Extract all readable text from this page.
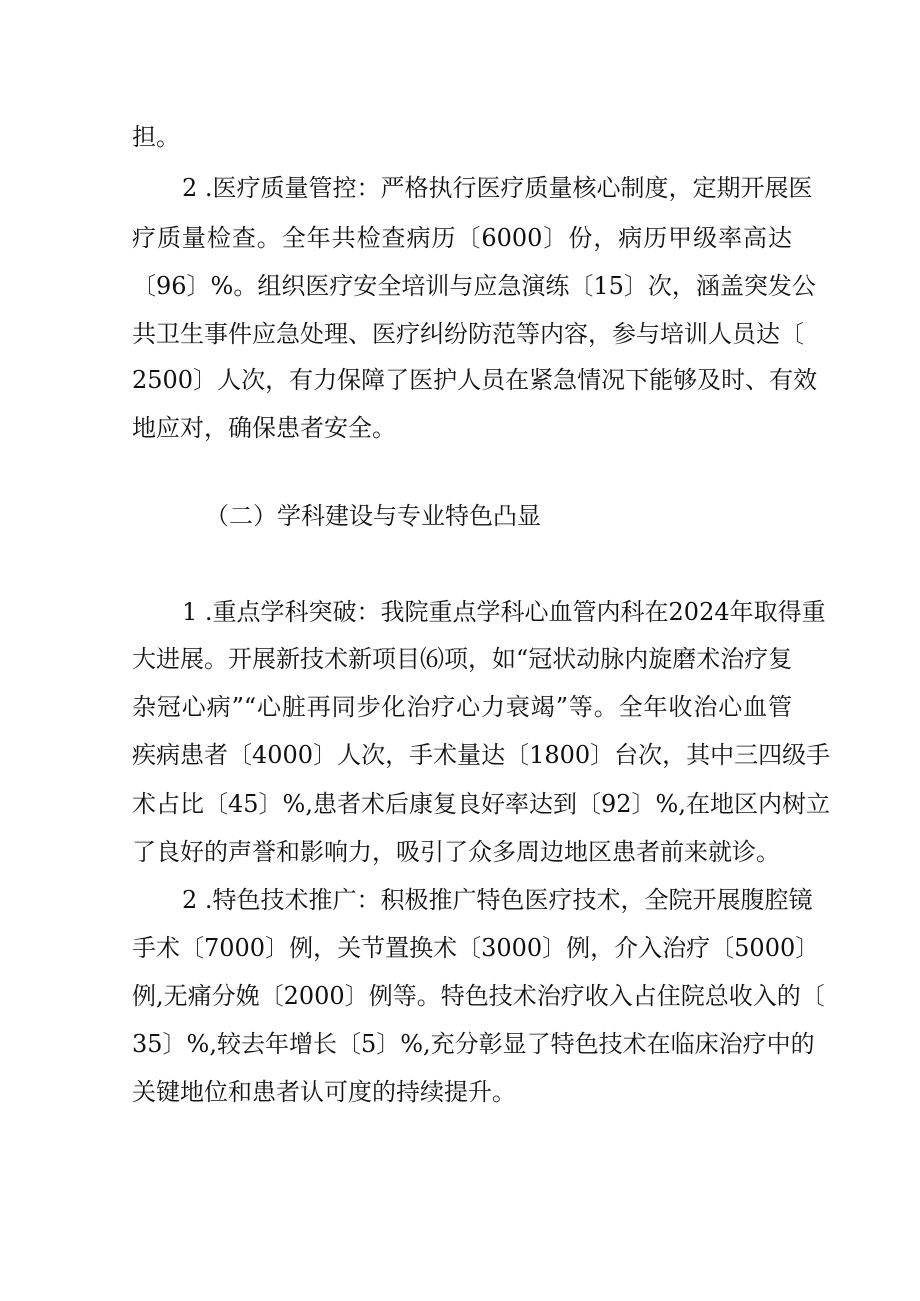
担。
2 .医疗质量管控：严格执行医疗质量核心制度，定期开展医
疗质量检查。全年共检查病历〔6000〕份，病历甲级率高达
〔96〕%。组织医疗安全培训与应急演练〔15〕次，涵盖突发公
共卫生事件应急处理、医疗纠纷防范等内容，参与培训人员达〔
2500〕人次，有力保障了医护人员在紧急情况下能够及时、有效
地应对，确保患者安全。
（二）学科建设与专业特色凸显
1 .重点学科突破：我院重点学科心血管内科在2024年取得重
大进展。开展新技术新项目⑹项，如“冠状动脉内旋磨术治疗复
杂冠心病”“心脏再同步化治疗心力衰竭”等。全年收治心血管
疾病患者〔4000〕人次，手术量达〔1800〕台次，其中三四级手
术占比〔45〕%,患者术后康复良好率达到〔92〕%,在地区内树立
了良好的声誉和影响力，吸引了众多周边地区患者前来就诊。
2 .特色技术推广：积极推广特色医疗技术，全院开展腹腔镜
手术〔7000〕例，关节置换术〔3000〕例，介入治疗〔5000〕
例,无痛分娩〔2000〕例等。特色技术治疗收入占住院总收入的〔
35〕%,较去年增长〔5〕%,充分彰显了特色技术在临床治疗中的
关键地位和患者认可度的持续提升。
